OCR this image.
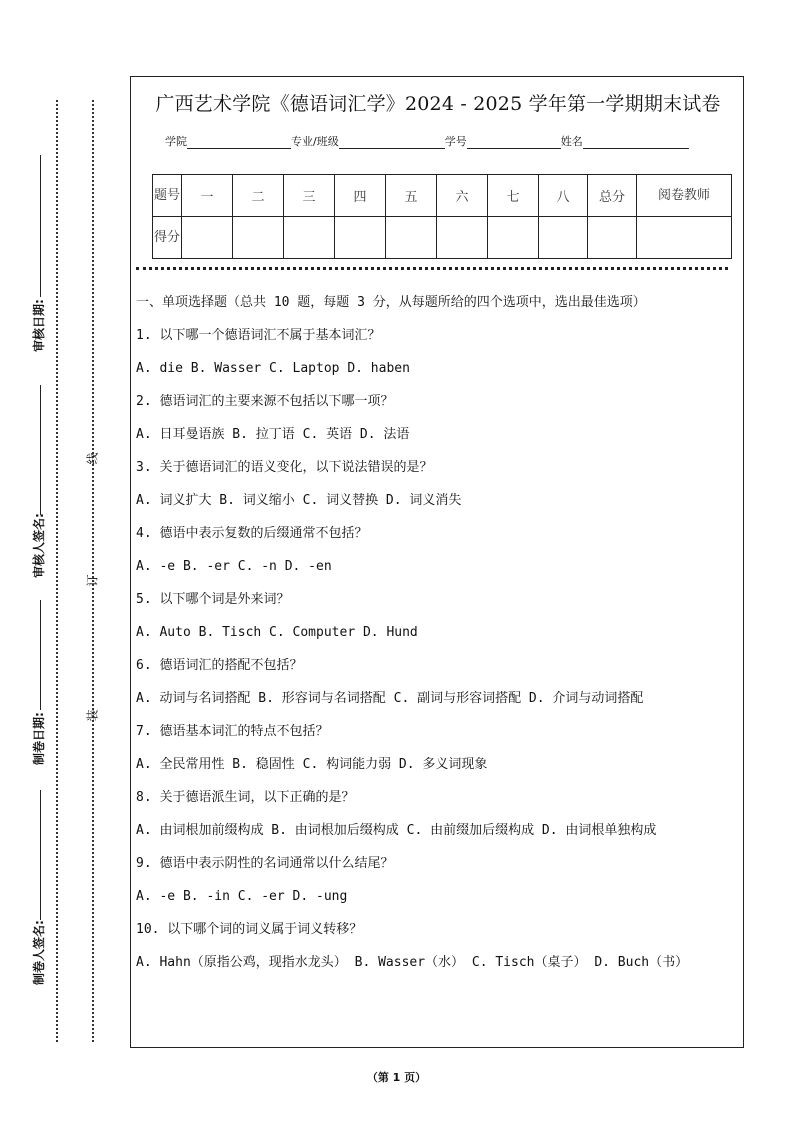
审核日期:
审核人签名:
制卷日期:
制卷人签名:
线
订
装
广西艺术学院《德语词汇学》2024 - 2025 学年第一学期期末试卷
学院	专业/班级	学号	姓名
题号	一	二	三	四	五	六	七	八	总分	阅卷教师
得分										

一、单项选择题（总共 10 题，每题 3 分，从每题所给的四个选项中，选出最佳选项）

1. 以下哪一个德语词汇不属于基本词汇？

A. die B. Wasser C. Laptop D. haben

2. 德语词汇的主要来源不包括以下哪一项？

A. 日耳曼语族 B. 拉丁语 C. 英语 D. 法语

3. 关于德语词汇的语义变化，以下说法错误的是？

A. 词义扩大 B. 词义缩小 C. 词义替换 D. 词义消失

4. 德语中表示复数的后缀通常不包括？

A. -e B. -er C. -n D. -en

5. 以下哪个词是外来词？

A. Auto B. Tisch C. Computer D. Hund

6. 德语词汇的搭配不包括？

A. 动词与名词搭配 B. 形容词与名词搭配 C. 副词与形容词搭配 D. 介词与动词搭配

7. 德语基本词汇的特点不包括？

A. 全民常用性 B. 稳固性 C. 构词能力弱 D. 多义词现象

8. 关于德语派生词，以下正确的是？

A. 由词根加前缀构成 B. 由词根加后缀构成 C. 由前缀加后缀构成 D. 由词根单独构成

9. 德语中表示阴性的名词通常以什么结尾？

A. -e B. -in C. -er D. -ung

10. 以下哪个词的词义属于词义转移？

A. Hahn（原指公鸡，现指水龙头） B. Wasser（水） C. Tisch（桌子） D. Buch（书）

（第 1 页）
